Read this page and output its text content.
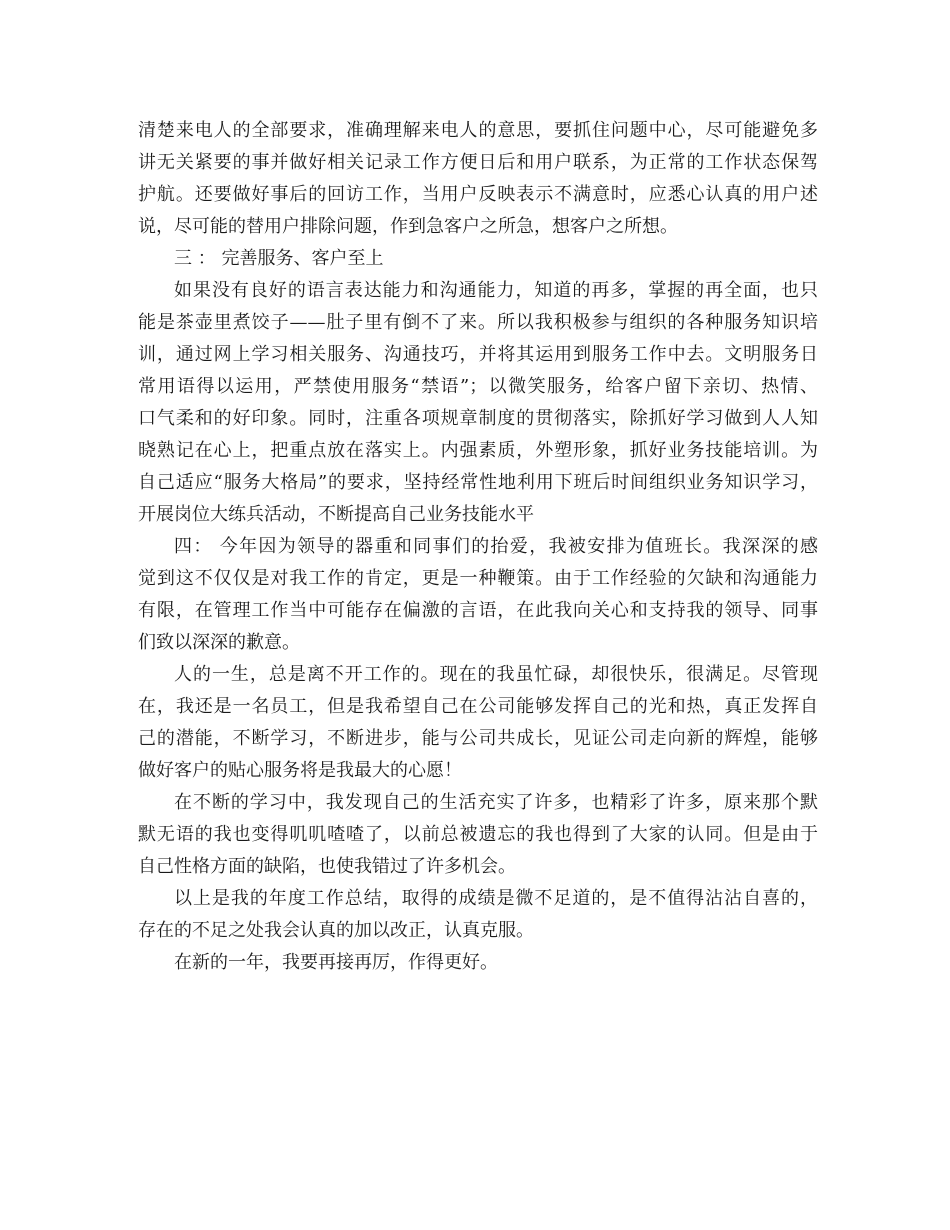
清楚来电人的全部要求，准确理解来电人的意思，要抓住问题中心，尽可能避免多
讲无关紧要的事并做好相关记录工作方便日后和用户联系，为正常的工作状态保驾
护航。还要做好事后的回访工作，当用户反映表示不满意时，应悉心认真的用户述
说，尽可能的替用户排除问题，作到急客户之所急，想客户之所想。
三 ： 完善服务、客户至上
如果没有良好的语言表达能力和沟通能力，知道的再多，掌握的再全面，也只
能是茶壶里煮饺子——肚子里有倒不了来。所以我积极参与组织的各种服务知识培
训，通过网上学习相关服务、沟通技巧，并将其运用到服务工作中去。文明服务日
常用语得以运用，严禁使用服务“禁语”；以微笑服务，给客户留下亲切、热情、
口气柔和的好印象。同时，注重各项规章制度的贯彻落实，除抓好学习做到人人知
晓熟记在心上，把重点放在落实上。内强素质，外塑形象，抓好业务技能培训。为
自己适应“服务大格局”的要求，坚持经常性地利用下班后时间组织业务知识学习，
开展岗位大练兵活动，不断提高自己业务技能水平
四： 今年因为领导的器重和同事们的抬爱，我被安排为值班长。我深深的感
觉到这不仅仅是对我工作的肯定，更是一种鞭策。由于工作经验的欠缺和沟通能力
有限，在管理工作当中可能存在偏激的言语，在此我向关心和支持我的领导、同事
们致以深深的歉意。
人的一生，总是离不开工作的。现在的我虽忙碌，却很快乐，很满足。尽管现
在，我还是一名员工，但是我希望自己在公司能够发挥自己的光和热，真正发挥自
己的潜能，不断学习，不断进步，能与公司共成长，见证公司走向新的辉煌，能够
做好客户的贴心服务将是我最大的心愿！
在不断的学习中，我发现自己的生活充实了许多，也精彩了许多，原来那个默
默无语的我也变得叽叽喳喳了，以前总被遗忘的我也得到了大家的认同。但是由于
自己性格方面的缺陷，也使我错过了许多机会。
以上是我的年度工作总结，取得的成绩是微不足道的，是不值得沾沾自喜的，
存在的不足之处我会认真的加以改正，认真克服。
在新的一年，我要再接再厉，作得更好。
